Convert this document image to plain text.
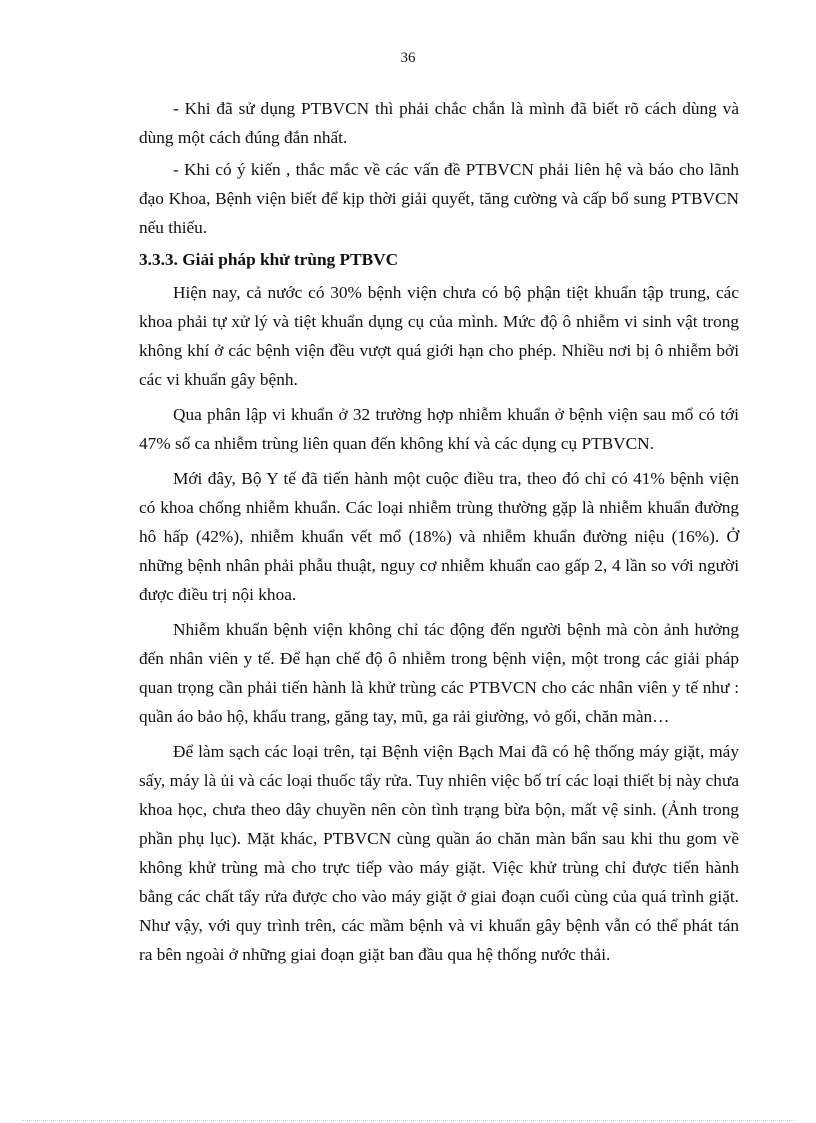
36

- Khi đã sử dụng PTBVCN thì phải chắc chắn là mình đã biết rõ cách dùng và dùng một cách đúng đắn nhất.

- Khi có ý kiến , thắc mắc về các vấn đề PTBVCN phải liên hệ và báo cho lãnh đạo Khoa, Bệnh viện biết để kịp thời giải quyết, tăng cường và cấp bổ sung PTBVCN nếu thiếu.

3.3.3. Giải pháp khử trùng PTBVC

Hiện nay, cả nước có 30% bệnh viện chưa có bộ phận tiệt khuẩn tập trung, các khoa phải tự xử lý và tiệt khuẩn dụng cụ của mình. Mức độ ô nhiễm vi sinh vật trong không khí ở các bệnh viện đều vượt quá giới hạn cho phép. Nhiều nơi bị ô nhiễm bởi các vi khuẩn gây bệnh.

Qua phân lập vi khuẩn ở 32 trường hợp nhiễm khuẩn ở bệnh viện sau mổ có tới 47% số ca nhiễm trùng liên quan đến không khí và các dụng cụ PTBVCN.

Mới đây, Bộ Y tế đã tiến hành một cuộc điều tra, theo đó chỉ có 41% bệnh viện có khoa chống nhiễm khuẩn. Các loại nhiễm trùng thường gặp là nhiễm khuẩn đường hô hấp (42%), nhiễm khuẩn vết mổ (18%) và nhiễm khuẩn đường niệu (16%). Ở những bệnh nhân phải phẫu thuật, nguy cơ nhiễm khuẩn cao gấp 2, 4 lần so với người được điều trị nội khoa.

Nhiễm khuẩn bệnh viện không chỉ tác động đến người bệnh mà còn ảnh hưởng đến nhân viên y tế. Để hạn chế độ ô nhiễm trong bệnh viện, một trong các giải pháp quan trọng cần phải tiến hành là khử trùng các PTBVCN cho các nhân viên y tế như : quần áo bảo hộ, khẩu trang, găng tay, mũ, ga rải giường, vỏ gối, chăn màn…

Để làm sạch các loại trên, tại Bệnh viện Bạch Mai đã có hệ thống máy giặt, máy sấy, máy là ủi và các loại thuốc tẩy rửa. Tuy nhiên việc bố trí các loại thiết bị này chưa khoa học, chưa theo dây chuyền nên còn tình trạng bừa bộn, mất vệ sinh. (Ảnh trong phần phụ lục). Mặt khác, PTBVCN cùng quần áo chăn màn bẩn sau khi thu gom về không khử trùng mà cho trực tiếp vào máy giặt. Việc khử trùng chỉ được tiến hành bằng các chất tẩy rửa được cho vào máy giặt ở giai đoạn cuối cùng của quá trình giặt. Như vậy, với quy trình trên, các mầm bệnh và vi khuẩn gây bệnh vẫn có thể phát tán ra bên ngoài ở những giai đoạn giặt ban đầu qua hệ thống nước thải.
